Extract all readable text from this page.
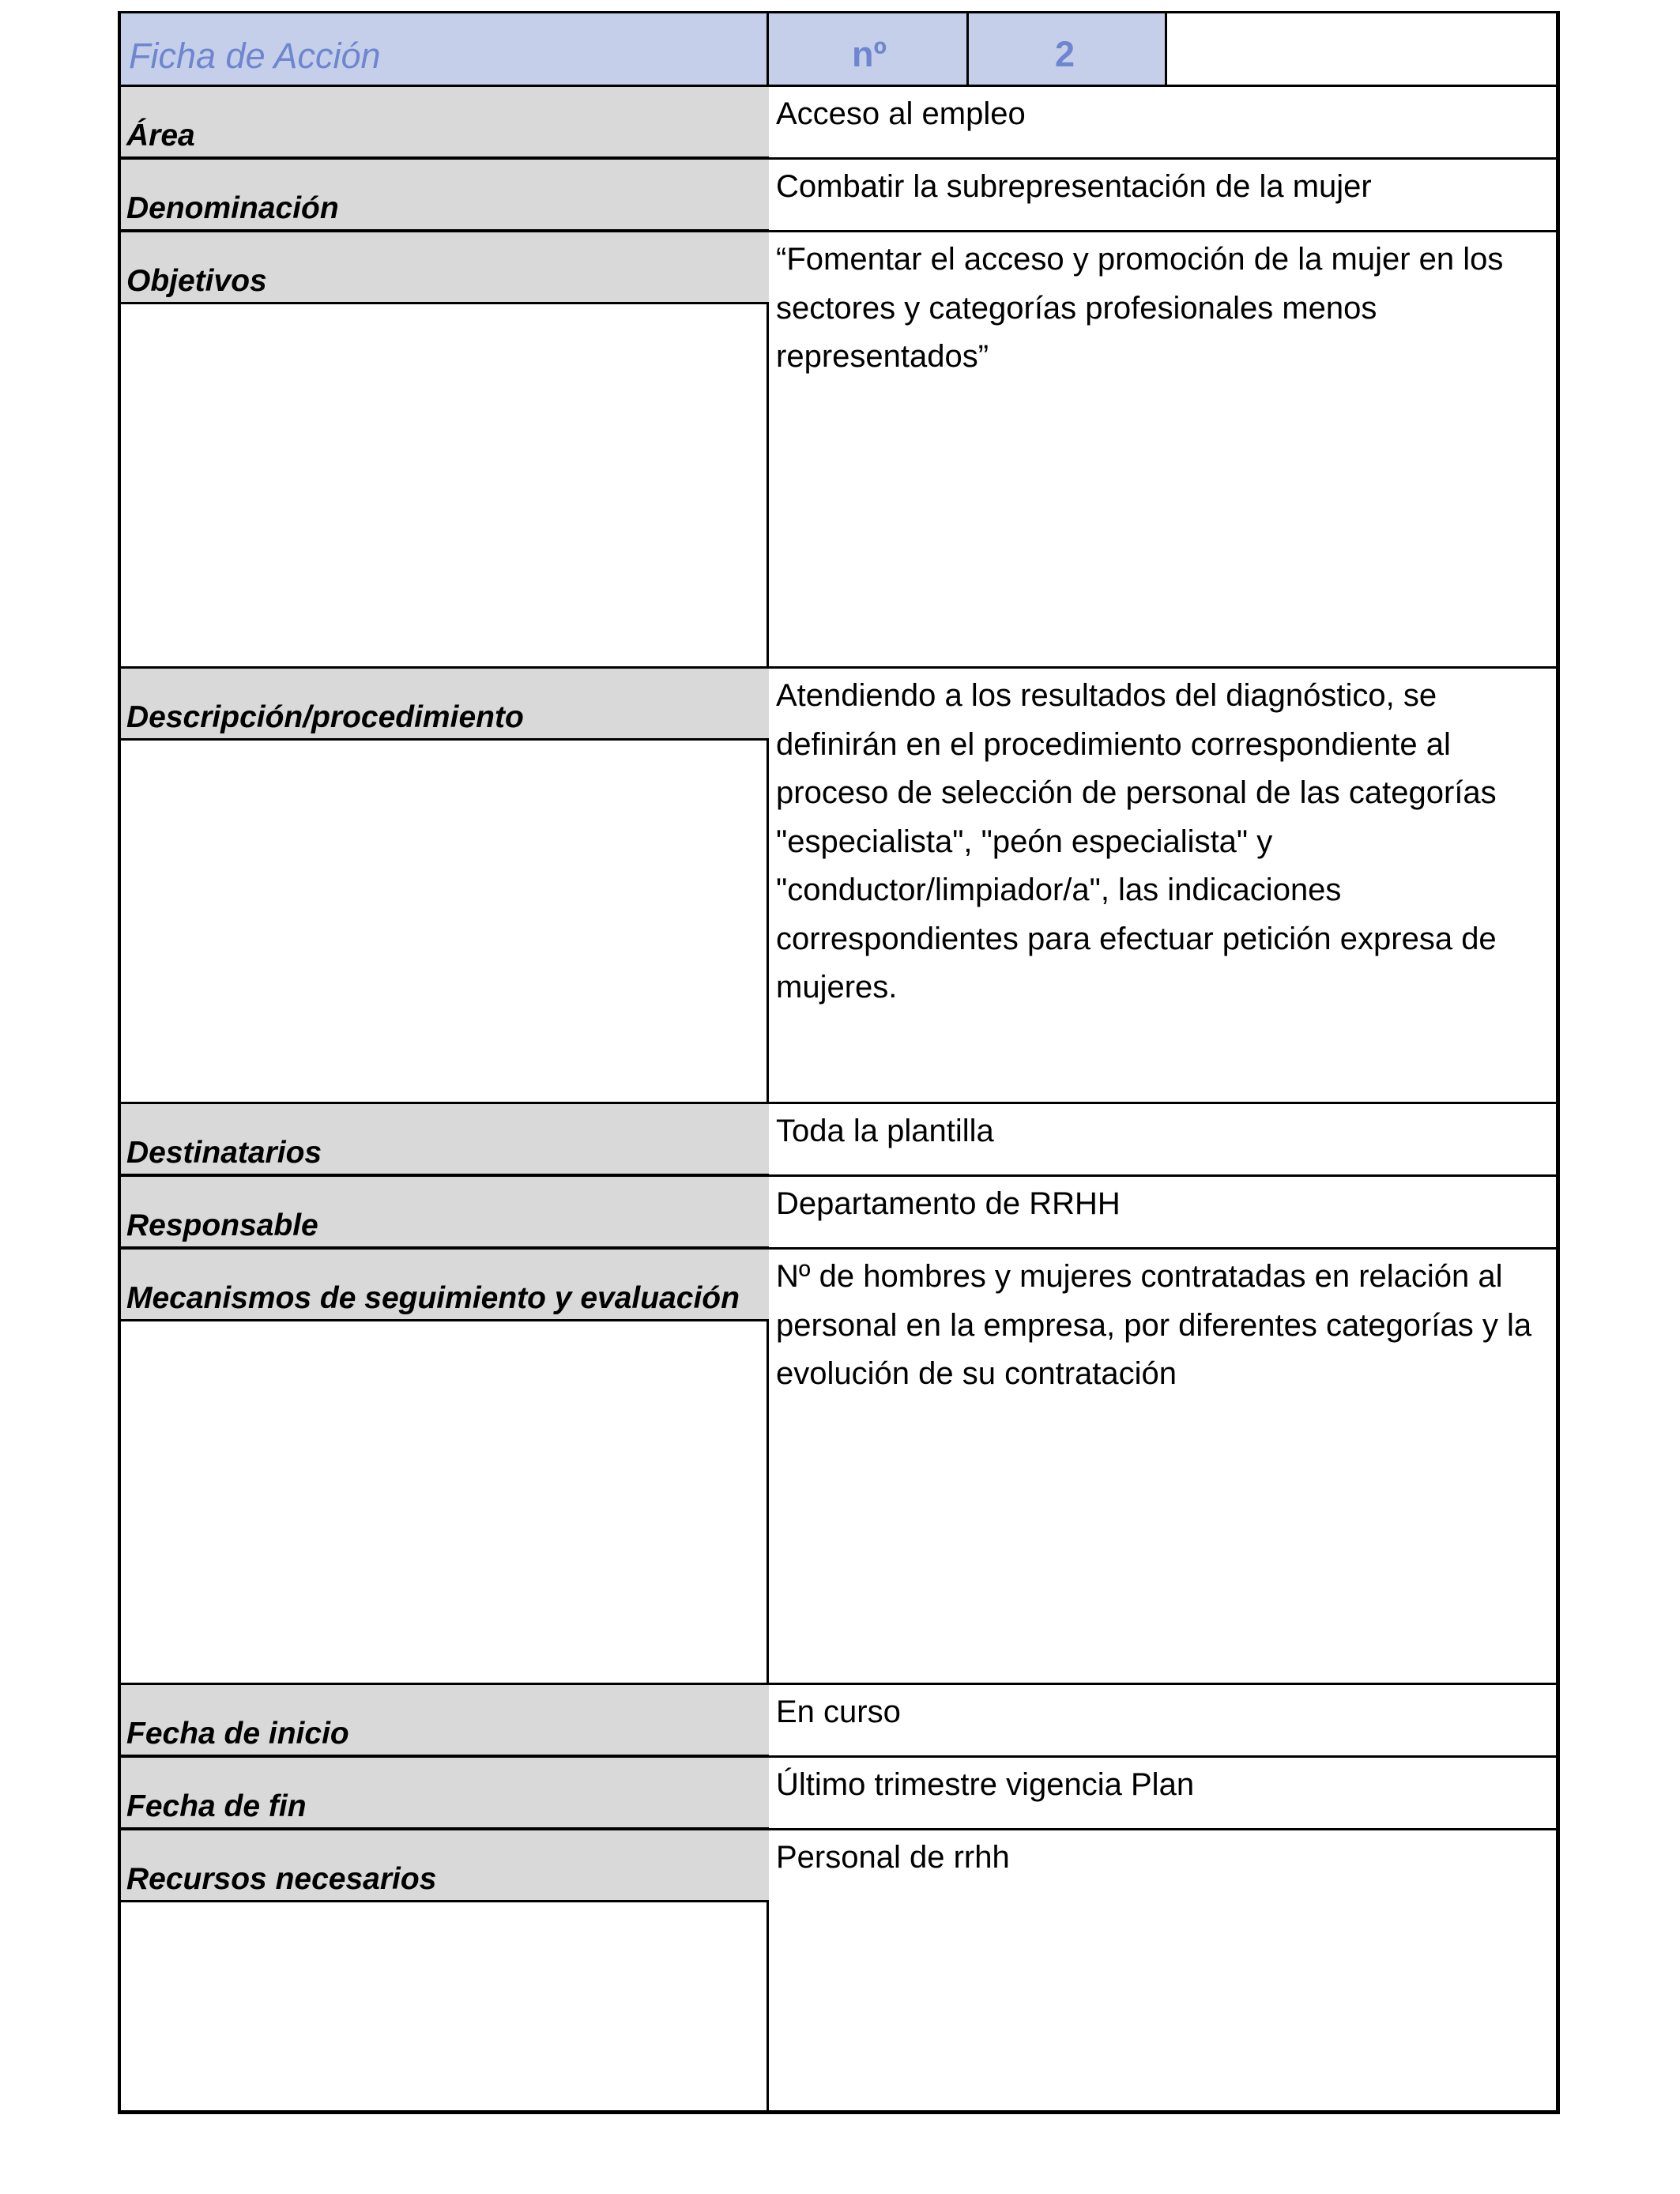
Ficha de Acción	nº	2
Área
Acceso al empleo
Denominación
Combatir la subrepresentación de la mujer
Objetivos
“Fomentar el acceso y promoción de la mujer en los sectores y categorías profesionales menos representados”
Descripción/procedimiento
Atendiendo a los resultados del diagnóstico, se definirán en el procedimiento correspondiente al proceso de selección de personal de las categorías "especialista", "peón especialista" y "conductor/limpiador/a", las indicaciones correspondientes para efectuar petición expresa de mujeres.
Destinatarios
Toda la plantilla
Responsable
Departamento de RRHH
Mecanismos de seguimiento y evaluación
Nº de hombres y mujeres contratadas en relación al personal en la empresa, por diferentes categorías y la evolución de su contratación
Fecha de inicio
En curso
Fecha de fin
Último trimestre vigencia Plan
Recursos necesarios
Personal de rrhh
